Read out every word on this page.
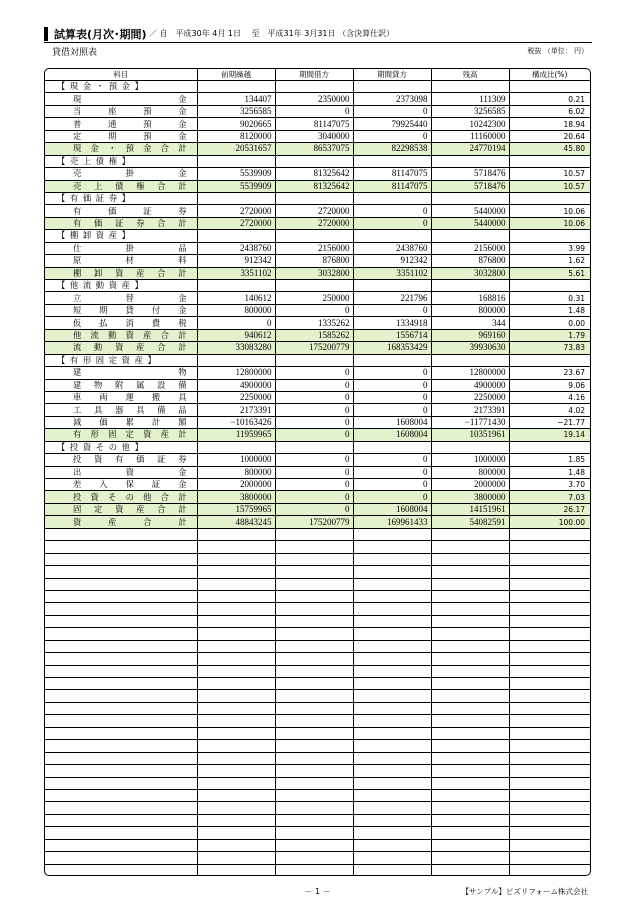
試算表(月次･期間) ／ 自　平成30年 4月 1日　 至　平成31年 3月31日 （含決算仕訳）
貸借対照表	税抜 （単位： 円）
科目	前期繰越	期間借方	期間貸方	残高	構成比(%)
【 現 金 ・ 預 金 】					
現金	134407	2350000	2373098	111309	0.21
当座預金	3256585	0	0	3256585	6.02
普通預金	9020665	81147075	79925440	10242300	18.94
定期預金	8120000	3040000	0	11160000	20.64
現金・預金合計	20531657	86537075	82298538	24770194	45.80
【 売 上 債 権 】					
売掛金	5539909	81325642	81147075	5718476	10.57
売上債権合計	5539909	81325642	81147075	5718476	10.57
【 有 価 証 券 】					
有価証券	2720000	2720000	0	5440000	10.06
有価証券合計	2720000	2720000	0	5440000	10.06
【 棚 卸 資 産 】					
仕掛品	2438760	2156000	2438760	2156000	3.99
原材料	912342	876800	912342	876800	1.62
棚卸資産合計	3351102	3032800	3351102	3032800	5.61
【 他 流 動 資 産 】					
立替金	140612	250000	221796	168816	0.31
短期貸付金	800000	0	0	800000	1.48
仮払消費税	0	1335262	1334918	344	0.00
他流動資産合計	940612	1585262	1556714	969160	1.79
流動資産合計	33083280	175200779	168353429	39930630	73.83
【 有 形 固 定 資 産 】					
建物	12800000	0	0	12800000	23.67
建物附属設備	4900000	0	0	4900000	9.06
車両運搬具	2250000	0	0	2250000	4.16
工具器具備品	2173391	0	0	2173391	4.02
減価累計額	−10163426	0	1608004	−11771430	−21.77
有形固定資産計	11959965	0	1608004	10351961	19.14
【 投 資 そ の 他 】					
投資有価証券	1000000	0	0	1000000	1.85
出資金	800000	0	0	800000	1.48
差入保証金	2000000	0	0	2000000	3.70
投資その他合計	3800000	0	0	3800000	7.03
固定資産合計	15759965	0	1608004	14151961	26.17
資産合計	48843245	175200779	169961433	54082591	100.00

－ 1 －	【サンプル】ビズリフォーム株式会社
